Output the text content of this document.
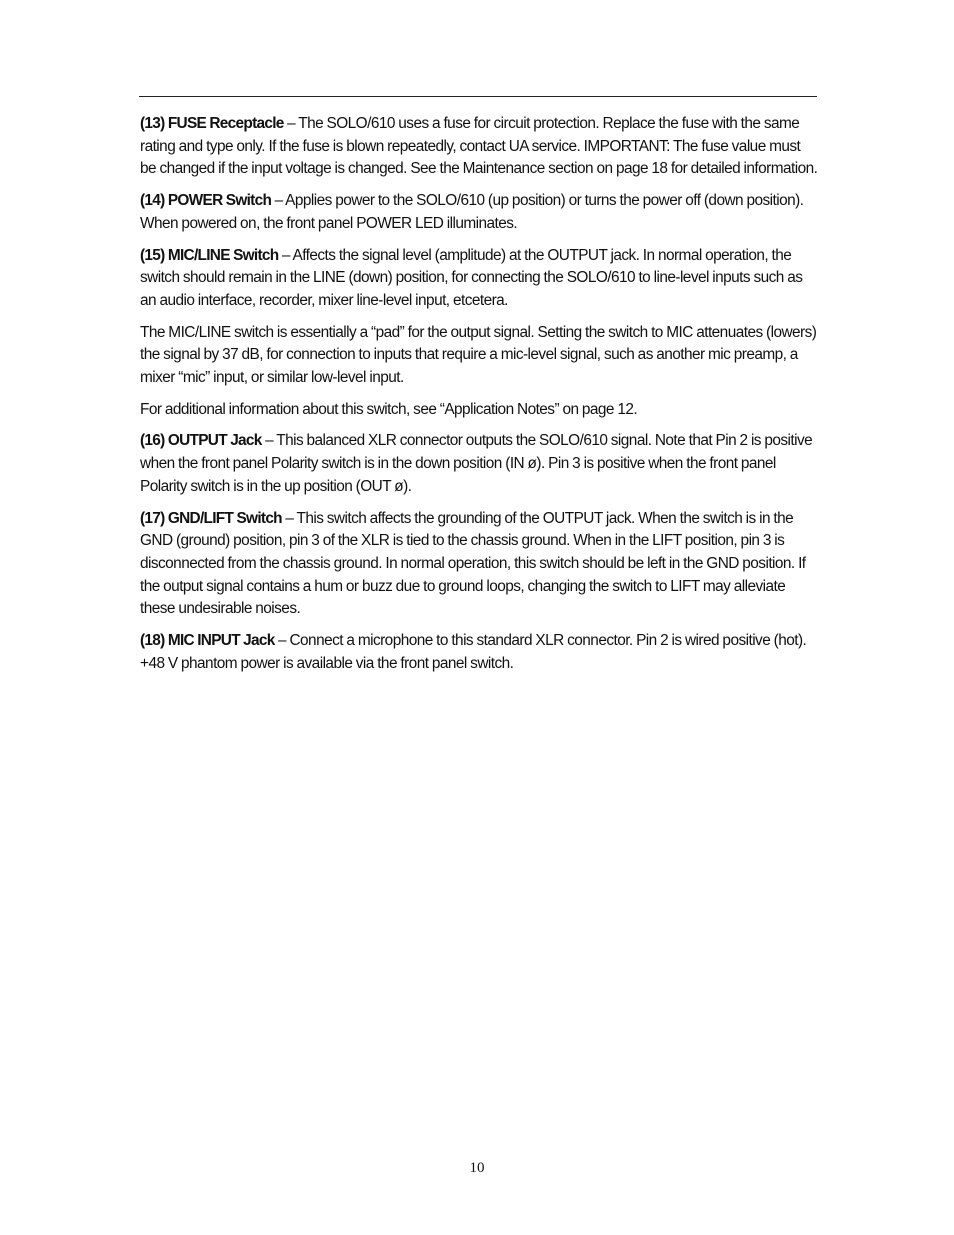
(13) FUSE Receptacle – The SOLO/610 uses a fuse for circuit protection. Replace the fuse with the same rating and type only. If the fuse is blown repeatedly, contact UA service. IMPORTANT: The fuse value must be changed if the input voltage is changed. See the Maintenance section on page 18 for detailed information.

(14) POWER Switch – Applies power to the SOLO/610 (up position) or turns the power off (down position). When powered on, the front panel POWER LED illuminates.

(15) MIC/LINE Switch – Affects the signal level (amplitude) at the OUTPUT jack. In normal operation, the switch should remain in the LINE (down) position, for connecting the SOLO/610 to line-level inputs such as an audio interface, recorder, mixer line-level input, etcetera.

The MIC/LINE switch is essentially a “pad” for the output signal. Setting the switch to MIC attenuates (lowers) the signal by 37 dB, for connection to inputs that require a mic-level signal, such as another mic preamp, a mixer “mic” input, or similar low-level input.

For additional information about this switch, see “Application Notes” on page 12.

(16) OUTPUT Jack – This balanced XLR connector outputs the SOLO/610 signal. Note that Pin 2 is positive when the front panel Polarity switch is in the down position (IN ø). Pin 3 is positive when the front panel Polarity switch is in the up position (OUT ø).

(17) GND/LIFT Switch – This switch affects the grounding of the OUTPUT jack. When the switch is in the GND (ground) position, pin 3 of the XLR is tied to the chassis ground. When in the LIFT position, pin 3 is disconnected from the chassis ground. In normal operation, this switch should be left in the GND position. If the output signal contains a hum or buzz due to ground loops, changing the switch to LIFT may alleviate these undesirable noises.

(18) MIC INPUT Jack – Connect a microphone to this standard XLR connector. Pin 2 is wired positive (hot). +48 V phantom power is available via the front panel switch.

10
